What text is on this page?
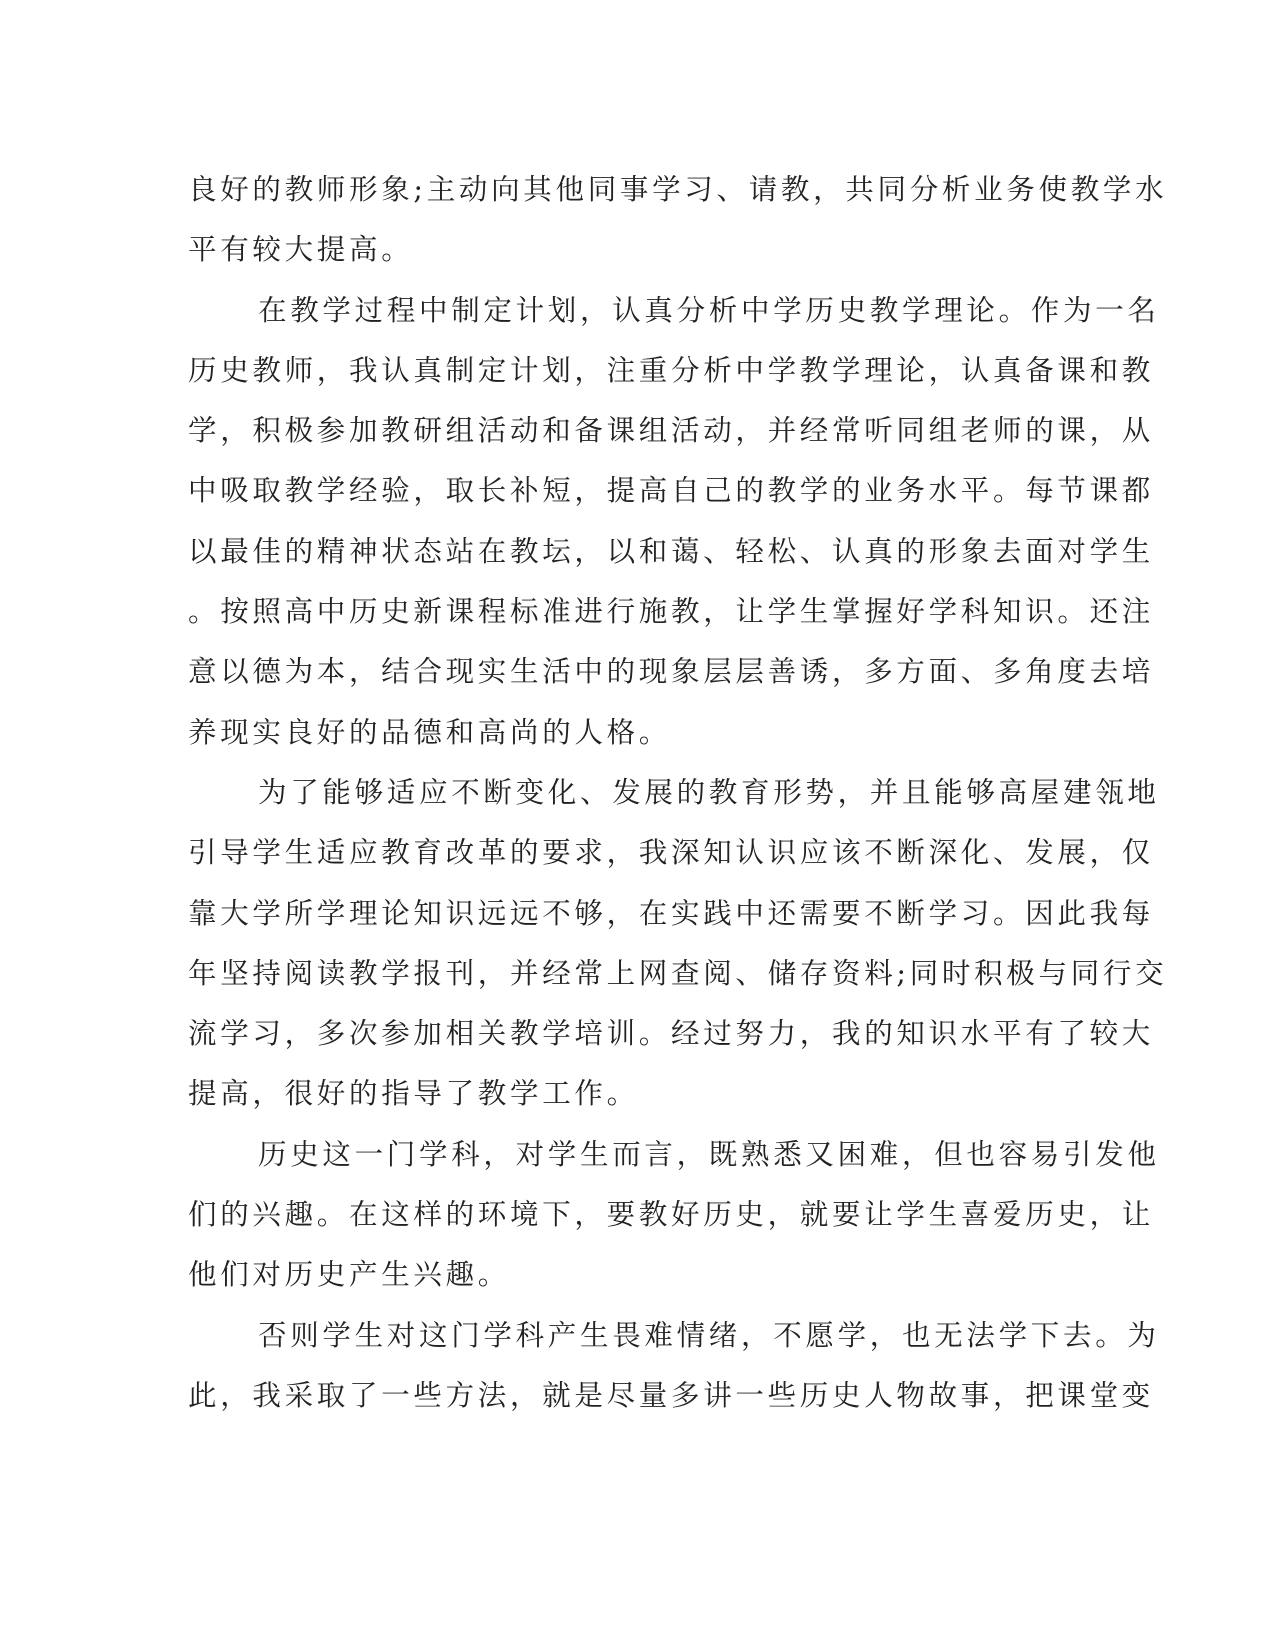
良好的教师形象;主动向其他同事学习、请教，共同分析业务使教学水
平有较大提高。
在教学过程中制定计划，认真分析中学历史教学理论。作为一名
历史教师，我认真制定计划，注重分析中学教学理论，认真备课和教
学，积极参加教研组活动和备课组活动，并经常听同组老师的课，从
中吸取教学经验，取长补短，提高自己的教学的业务水平。每节课都
以最佳的精神状态站在教坛，以和蔼、轻松、认真的形象去面对学生
。按照高中历史新课程标准进行施教，让学生掌握好学科知识。还注
意以德为本，结合现实生活中的现象层层善诱，多方面、多角度去培
养现实良好的品德和高尚的人格。
为了能够适应不断变化、发展的教育形势，并且能够高屋建瓴地
引导学生适应教育改革的要求，我深知认识应该不断深化、发展，仅
靠大学所学理论知识远远不够，在实践中还需要不断学习。因此我每
年坚持阅读教学报刊，并经常上网查阅、储存资料;同时积极与同行交
流学习，多次参加相关教学培训。经过努力，我的知识水平有了较大
提高，很好的指导了教学工作。
历史这一门学科，对学生而言，既熟悉又困难，但也容易引发他
们的兴趣。在这样的环境下，要教好历史，就要让学生喜爱历史，让
他们对历史产生兴趣。
否则学生对这门学科产生畏难情绪，不愿学，也无法学下去。为
此，我采取了一些方法，就是尽量多讲一些历史人物故事，把课堂变
